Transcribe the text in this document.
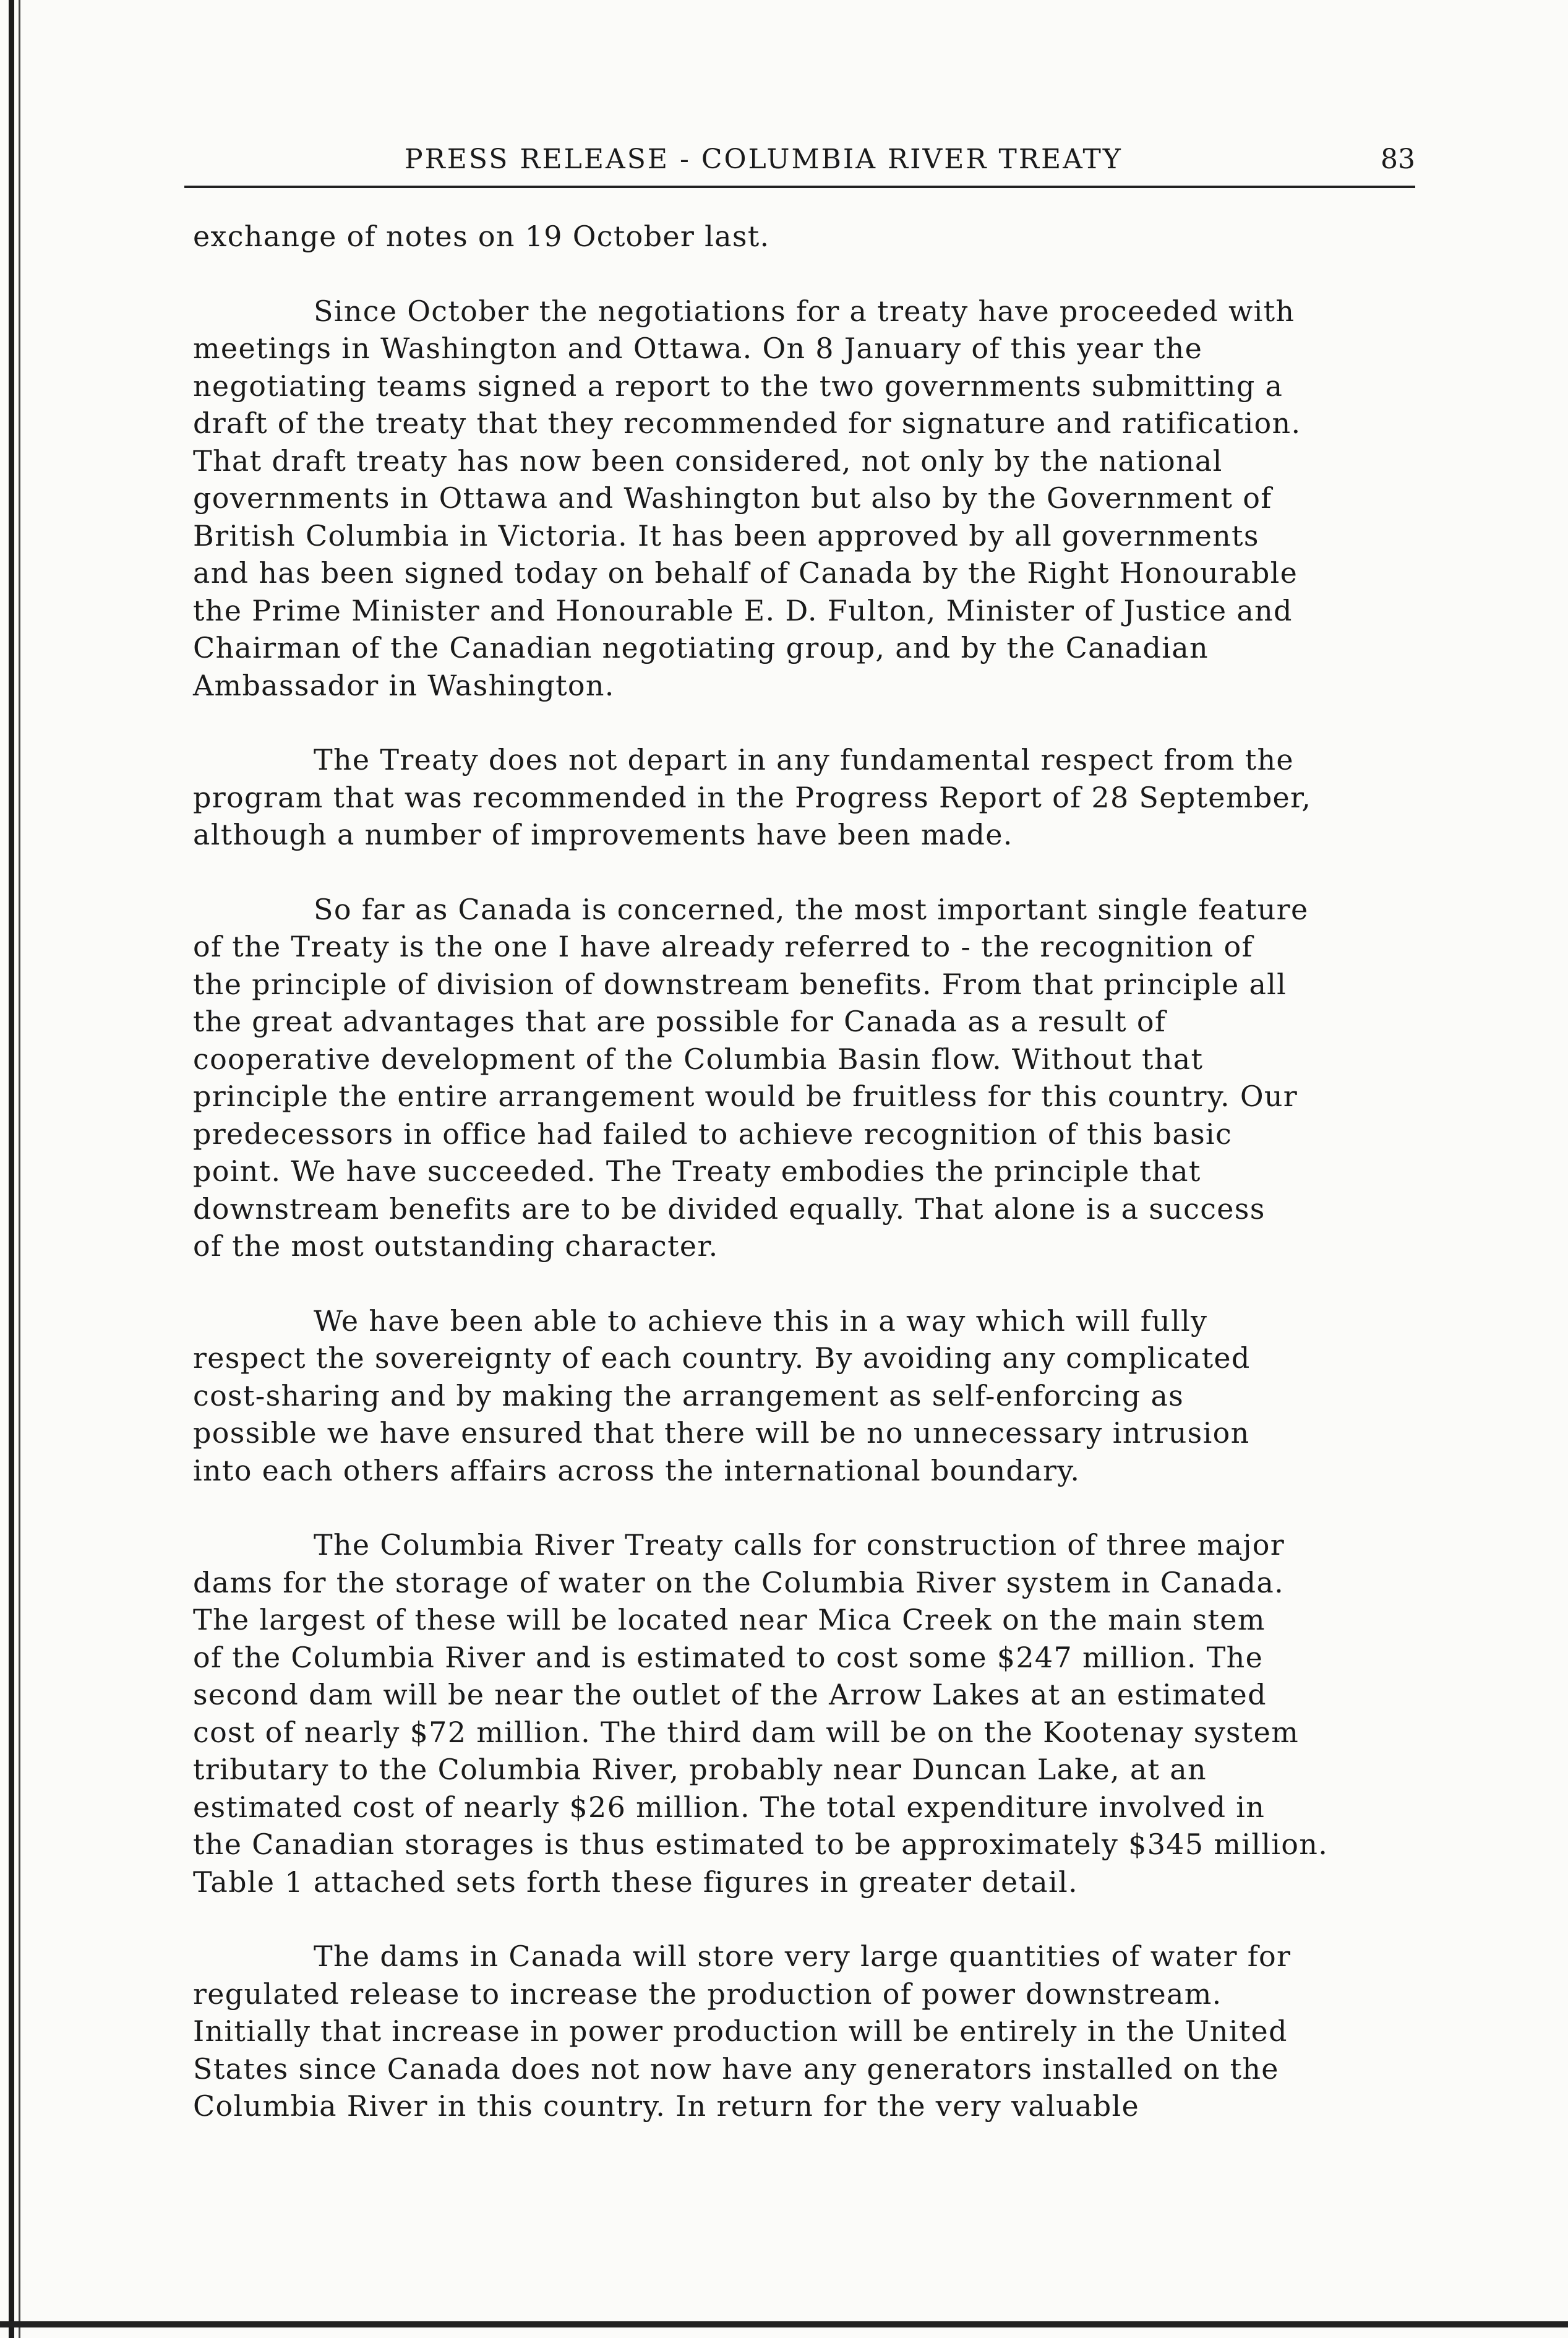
PRESS RELEASE - COLUMBIA RIVER TREATY	83
exchange of notes on 19 October last.
Since October the negotiations for a treaty have proceeded with
meetings in Washington and Ottawa. On 8 January of this year the
negotiating teams signed a report to the two governments submitting a
draft of the treaty that they recommended for signature and ratification.
That draft treaty has now been considered, not only by the national
governments in Ottawa and Washington but also by the Government of
British Columbia in Victoria. It has been approved by all governments
and has been signed today on behalf of Canada by the Right Honourable
the Prime Minister and Honourable E. D. Fulton, Minister of Justice and
Chairman of the Canadian negotiating group, and by the Canadian
Ambassador in Washington.
The Treaty does not depart in any fundamental respect from the
program that was recommended in the Progress Report of 28 September,
although a number of improvements have been made.
So far as Canada is concerned, the most important single feature
of the Treaty is the one I have already referred to - the recognition of
the principle of division of downstream benefits. From that principle all
the great advantages that are possible for Canada as a result of
cooperative development of the Columbia Basin flow. Without that
principle the entire arrangement would be fruitless for this country. Our
predecessors in office had failed to achieve recognition of this basic
point. We have succeeded. The Treaty embodies the principle that
downstream benefits are to be divided equally. That alone is a success
of the most outstanding character.
We have been able to achieve this in a way which will fully
respect the sovereignty of each country. By avoiding any complicated
cost-sharing and by making the arrangement as self-enforcing as
possible we have ensured that there will be no unnecessary intrusion
into each others affairs across the international boundary.
The Columbia River Treaty calls for construction of three major
dams for the storage of water on the Columbia River system in Canada.
The largest of these will be located near Mica Creek on the main stem
of the Columbia River and is estimated to cost some $247 million. The
second dam will be near the outlet of the Arrow Lakes at an estimated
cost of nearly $72 million. The third dam will be on the Kootenay system
tributary to the Columbia River, probably near Duncan Lake, at an
estimated cost of nearly $26 million. The total expenditure involved in
the Canadian storages is thus estimated to be approximately $345 million.
Table 1 attached sets forth these figures in greater detail.
The dams in Canada will store very large quantities of water for
regulated release to increase the production of power downstream.
Initially that increase in power production will be entirely in the United
States since Canada does not now have any generators installed on the
Columbia River in this country. In return for the very valuable
